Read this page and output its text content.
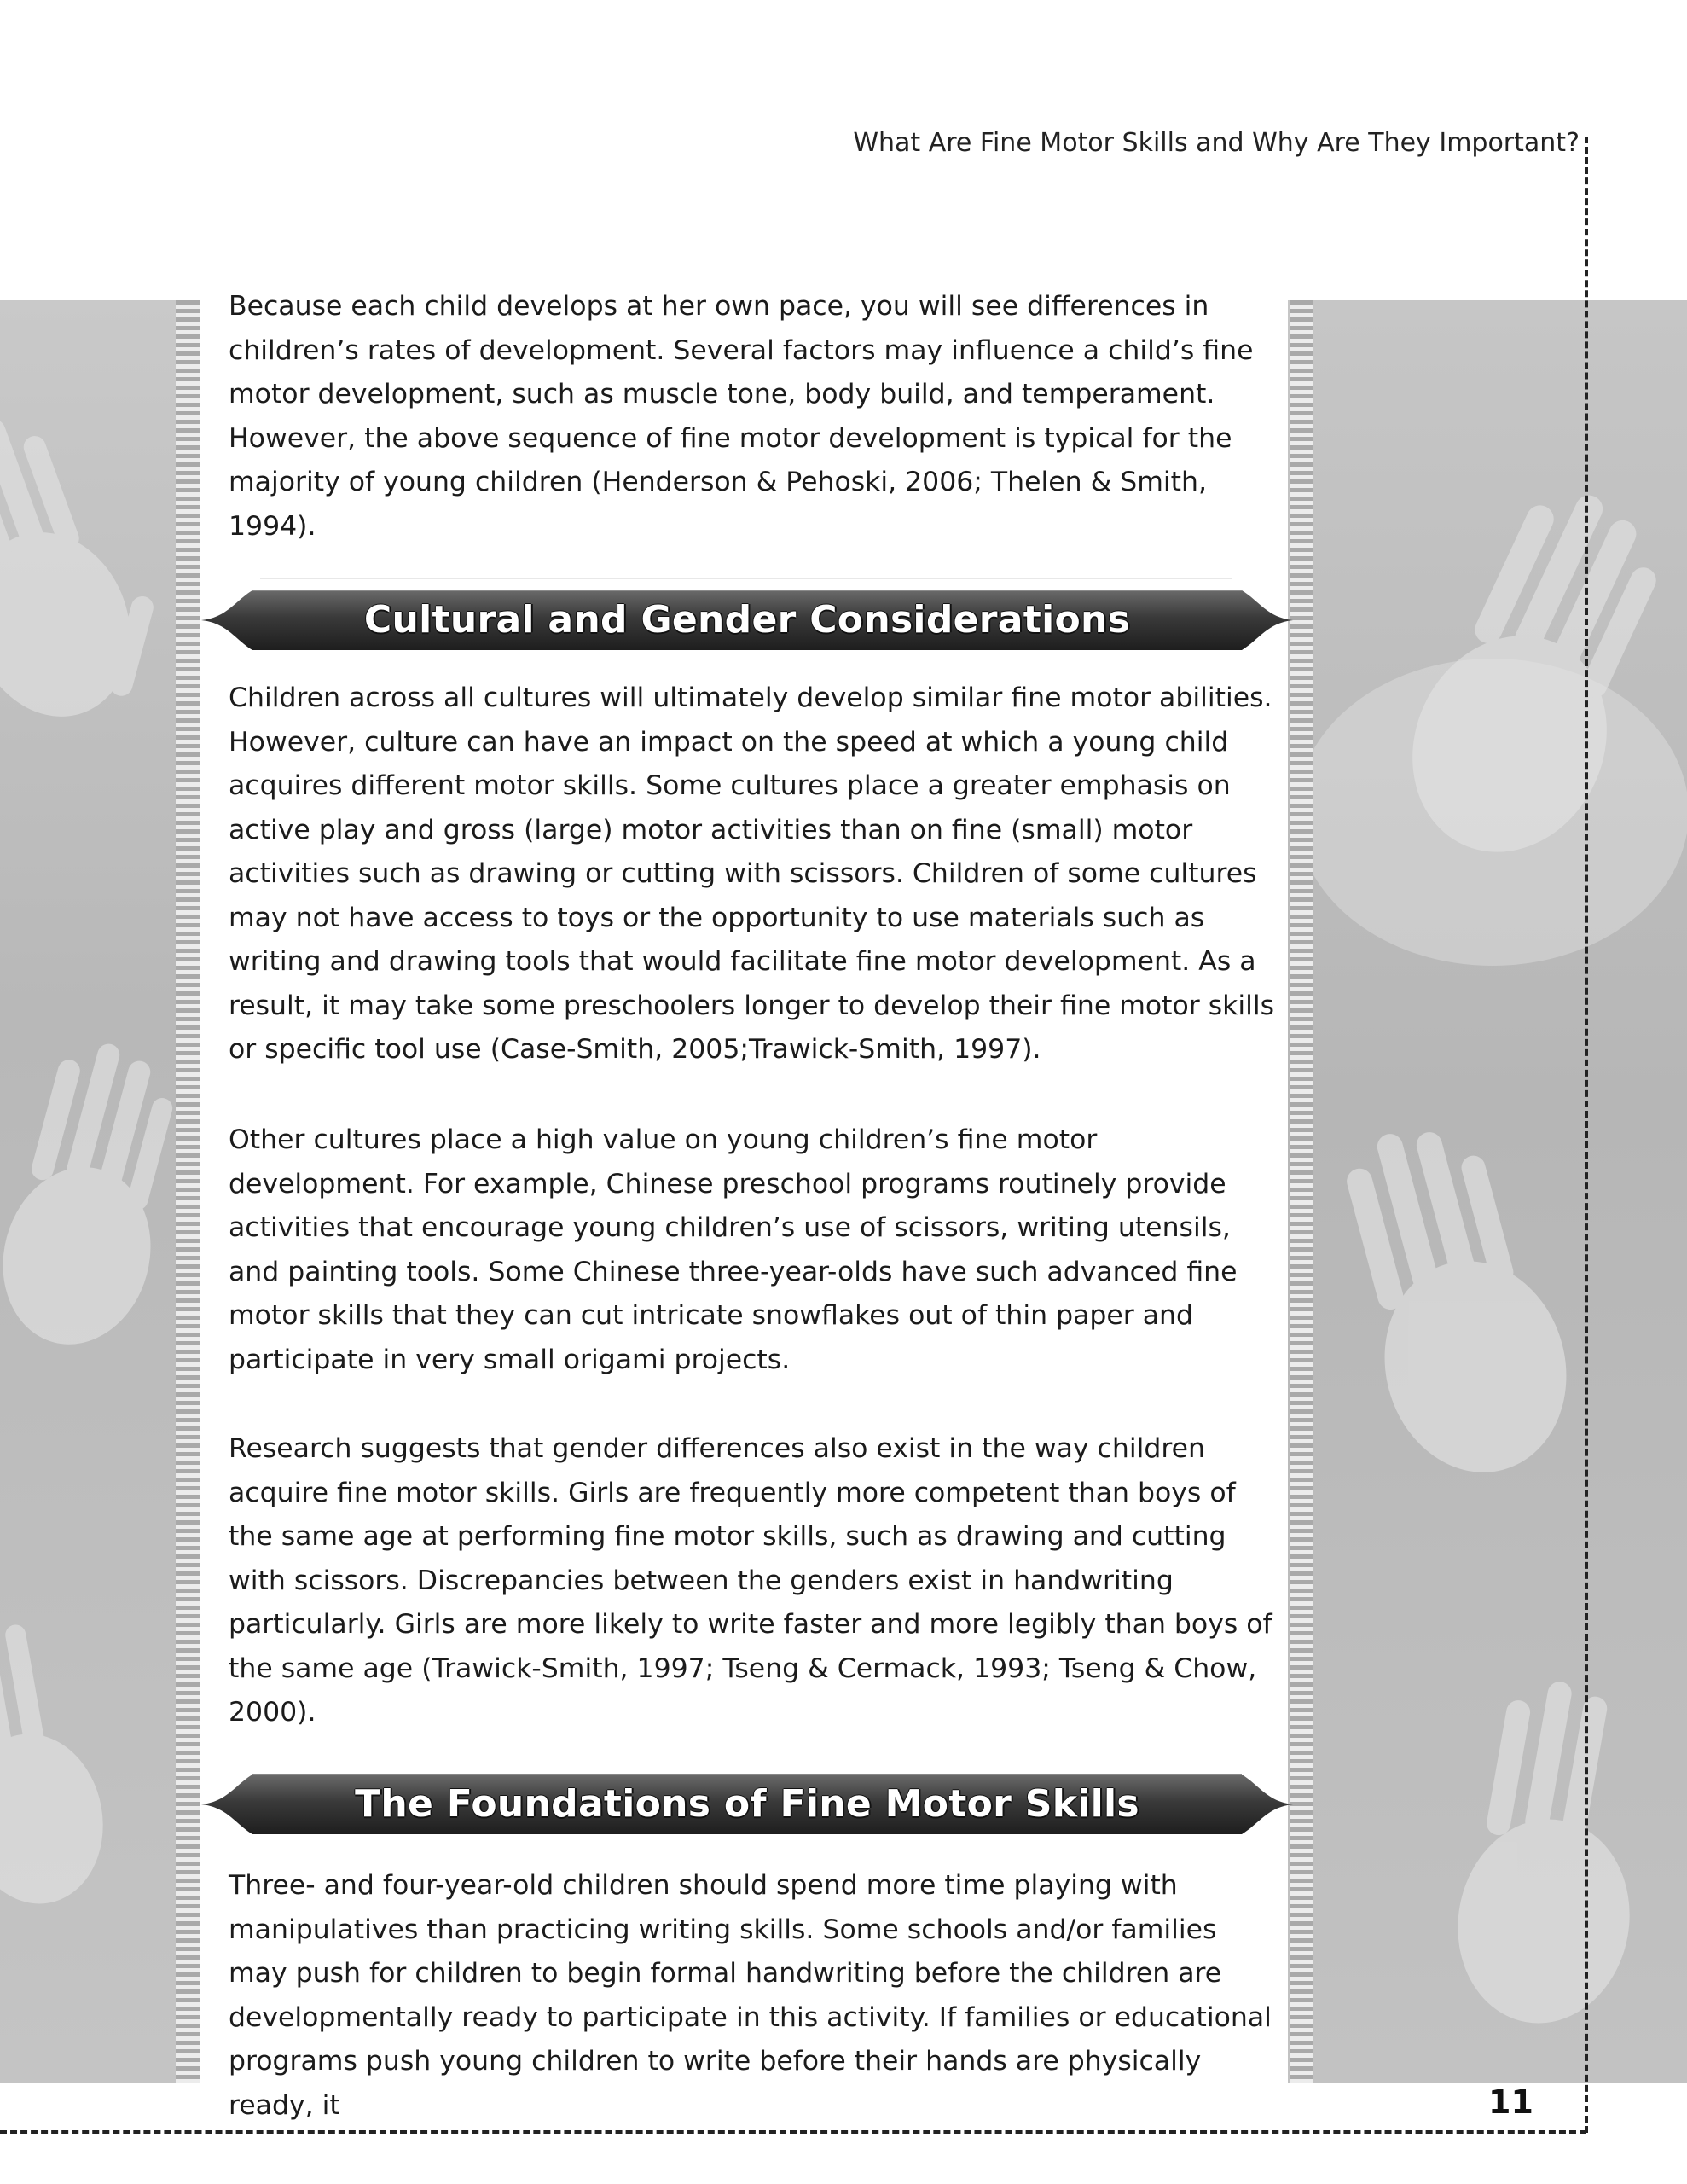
What Are Fine Motor Skills and Why Are They Important?

Because each child develops at her own pace, you will see differences in children’s rates of development. Several factors may influence a child’s fine motor development, such as muscle tone, body build, and temperament. However, the above sequence of fine motor development is typical for the majority of young children (Henderson & Pehoski, 2006; Thelen & Smith, 1994).

Cultural and Gender Considerations

Children across all cultures will ultimately develop similar fine motor abilities. However, culture can have an impact on the speed at which a young child acquires different motor skills. Some cultures place a greater emphasis on active play and gross (large) motor activities than on fine (small) motor activities such as drawing or cutting with scissors. Children of some cultures may not have access to toys or the opportunity to use materials such as writing and drawing tools that would facilitate fine motor development. As a result, it may take some preschoolers longer to develop their fine motor skills or specific tool use (Case-Smith, 2005;Trawick-Smith, 1997).

Other cultures place a high value on young children’s fine motor development. For example, Chinese preschool programs routinely provide activities that encourage young children’s use of scissors, writing utensils, and painting tools. Some Chinese three-year-olds have such advanced fine motor skills that they can cut intricate snowflakes out of thin paper and participate in very small origami projects.

Research suggests that gender differences also exist in the way children acquire fine motor skills. Girls are frequently more competent than boys of the same age at performing fine motor skills, such as drawing and cutting with scissors. Discrepancies between the genders exist in handwriting particularly. Girls are more likely to write faster and more legibly than boys of the same age (Trawick-Smith, 1997; Tseng & Cermack, 1993; Tseng & Chow, 2000).

The Foundations of Fine Motor Skills

Three- and four-year-old children should spend more time playing with manipulatives than practicing writing skills. Some schools and/or families may push for children to begin formal handwriting before the children are developmentally ready to participate in this activity. If families or educational programs push young children to write before their hands are physically ready, it	11
